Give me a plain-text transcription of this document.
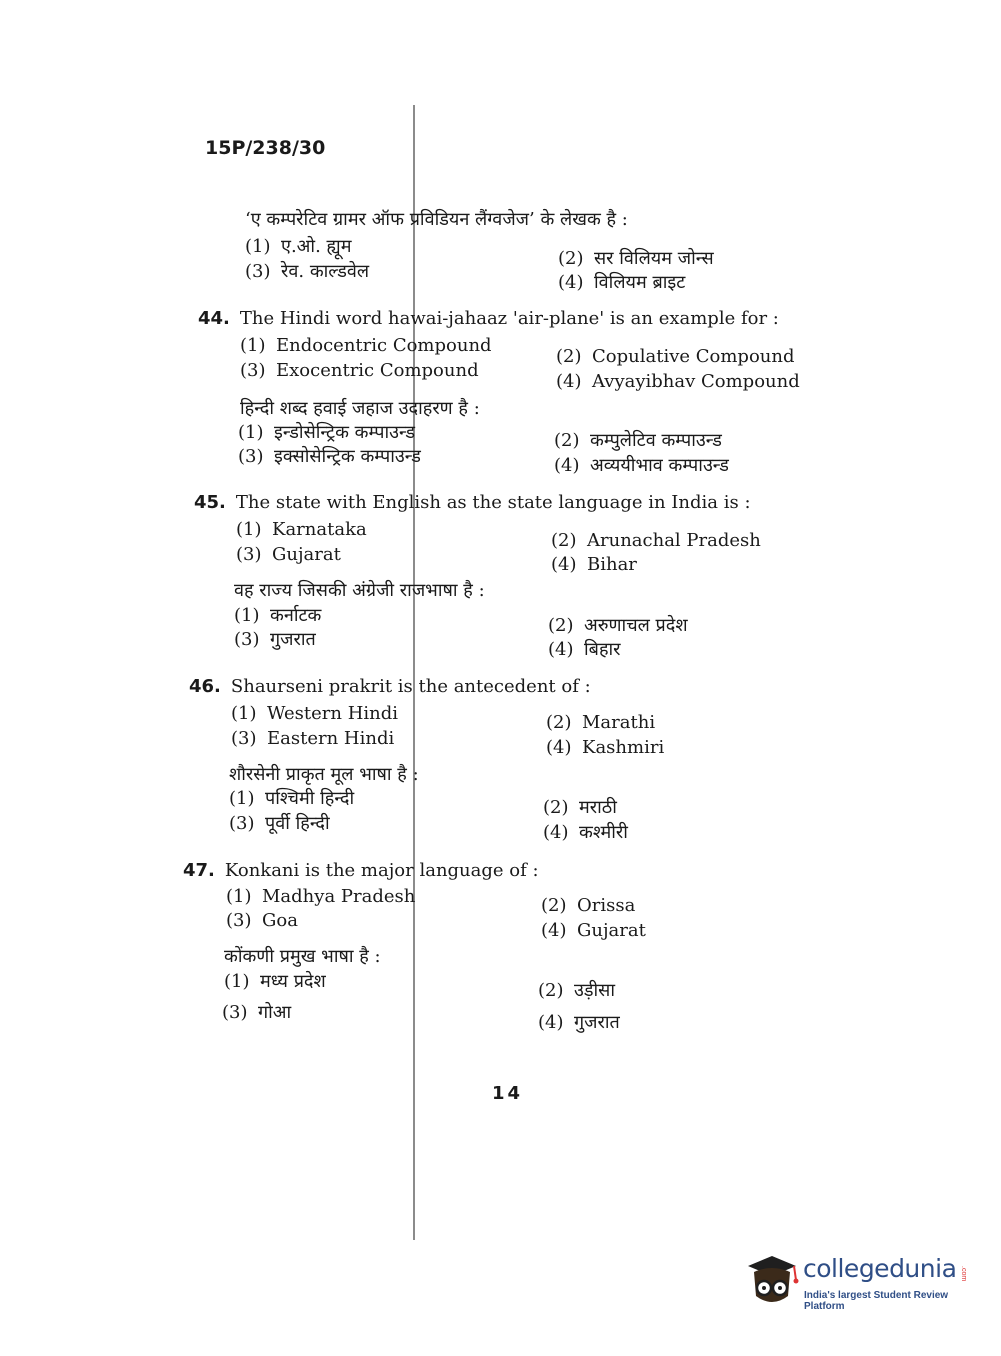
15P/238/30
‘ए कम्परेटिव ग्रामर ऑफ प्रविडियन लैंग्वजेज’ के लेखक है :
(1) ए.ओ. ह्यूम
(2) सर विलियम जोन्स
(3) रेव. काल्डवेल
(4) विलियम ब्राइट
44. The Hindi word hawai-jahaaz 'air-plane' is an example for :
(1) Endocentric Compound
(2) Copulative Compound
(3) Exocentric Compound
(4) Avyayibhav Compound
हिन्दी शब्द हवाई जहाज उदाहरण है :
(1) इन्डोसेन्ट्रिक कम्पाउन्ड	(2) कम्पुलेटिव कम्पाउन्ड
(3) इक्सोसेन्ट्रिक कम्पाउन्ड	(4) अव्ययीभाव कम्पाउन्ड
45. The state with English as the state language in India is :
(1) Karnataka
(2) Arunachal Pradesh
(3) Gujarat	(4) Bihar
वह राज्य जिसकी अंग्रेजी राजभाषा है :
(1) कर्नाटक	(2) अरुणाचल प्रदेश
(3) गुजरात	(4) बिहार
46. Shaurseni prakrit is the antecedent of :
(1) Western Hindi	(2) Marathi
(3) Eastern Hindi	(4) Kashmiri
शौरसेनी प्राकृत मूल भाषा है :
(1) पश्चिमी हिन्दी	(2) मराठी
(3) पूर्वी हिन्दी	(4) कश्मीरी
47. Konkani is the major language of :
(1) Madhya Pradesh	(2) Orissa
(3) Goa	(4) Gujarat
कोंकणी प्रमुख भाषा है :
(1) मध्य प्रदेश	(2) उड़ीसा
(3) गोआ	(4) गुजरात
14
collegedunia .com
India's largest Student Review Platform
